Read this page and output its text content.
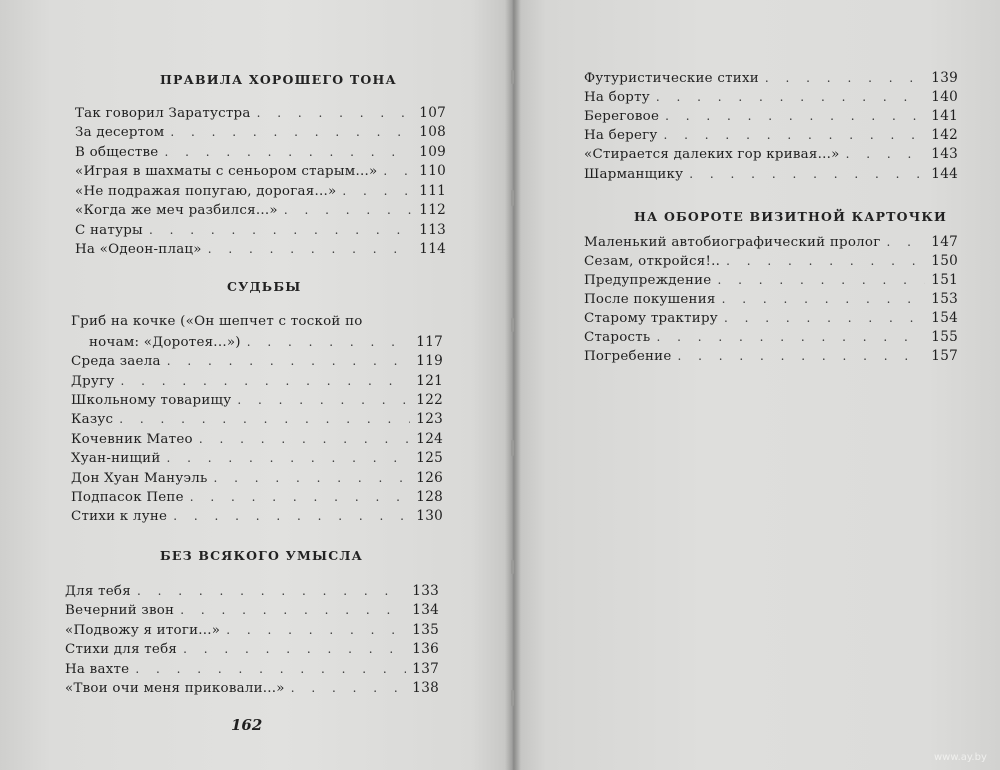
ПРАВИЛА ХОРОШЕГО ТОНА
Так говорил Заратустра . . .	107
За десертом . . .	108
В обществе . . .	109
«Играя в шахматы с сеньором старым...» . . .	110
«Не подражая попугаю, дорогая...» . . .	111
«Когда же меч разбился...» . . .	112
С натуры . . .	113
На «Одеон-плац» . . .	114
СУДЬБЫ
Гриб на кочке («Он шепчет с тоской по
ночам: «Доротея...») . . .	117
Среда заела . . .	119
Другу . . .	121
Школьному товарищу . . .	122
Казус . . .	123
Кочевник Матео . . .	124
Хуан-нищий . . .	125
Дон Хуан Мануэль . . .	126
Подпасок Пепе . . .	128
Стихи к луне . . .	130
БЕЗ ВСЯКОГО УМЫСЛА
Для тебя . . .	133
Вечерний звон . . .	134
«Подвожу я итоги...» . . .	135
Стихи для тебя . . .	136
На вахте . . .	137
«Твои очи меня приковали...» . . .	138
162
Футуристические стихи . . .	139
На борту . . .	140
Береговое . . .	141
На берегу . . .	142
«Стирается далеких гор кривая...» . . .	143
Шарманщику . . .	144
НА ОБОРОТЕ ВИЗИТНОЙ КАРТОЧКИ
Маленький автобиографический пролог . . .	147
Сезам, откройся!.. . . .	150
Предупреждение . . .	151
После покушения . . .	153
Старому трактиру . . .	154
Старость . . .	155
Погребение . . .	157
www.ay.by
